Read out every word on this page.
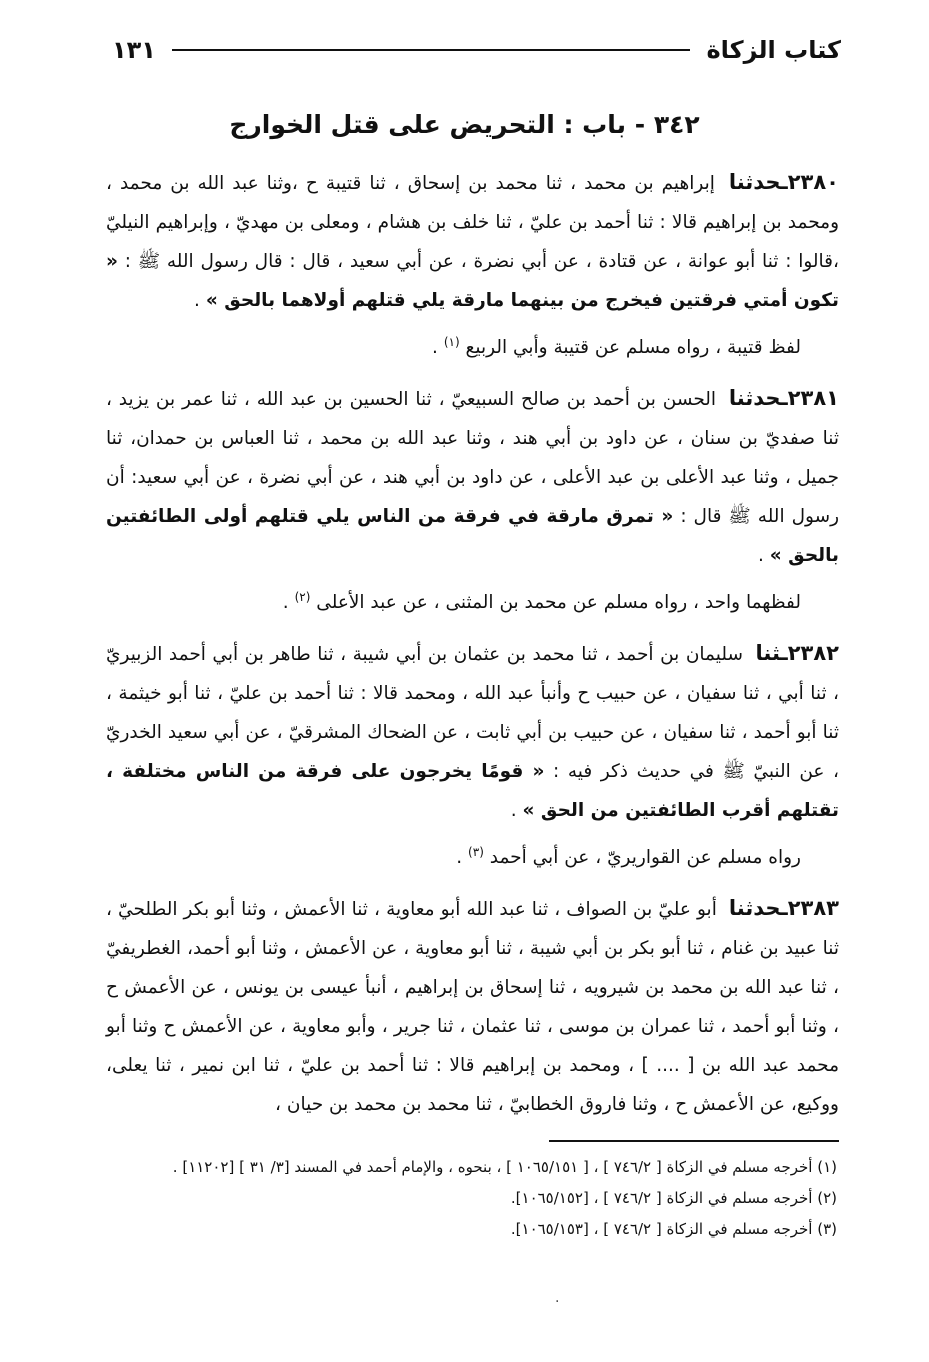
كتاب الزكاة
١٣١
٣٤٢ - باب : التحريض على قتل الخوارج

٢٣٨٠ـحدثنا إبراهيم بن محمد ، ثنا محمد بن إسحاق ، ثنا قتيبة ح ،وثنا عبد الله بن محمد ، ومحمد بن إبراهيم قالا : ثنا أحمد بن عليّ ، ثنا خلف بن هشام ، ومعلى بن مهديّ ، وإبراهيم النيليّ ،قالوا : ثنا أبو عوانة ، عن قتادة ، عن أبي نضرة ، عن أبي سعيد ، قال : قال رسول الله ﷺ : « تكون أمتي فرقتين فيخرج من بينهما مارقة يلي قتلهم أولاهما بالحق » .

لفظ قتيبة ، رواه مسلم عن قتيبة وأبي الربيع $^{(١)}$ .

٢٣٨١ـحدثنا الحسن بن أحمد بن صالح السبيعيّ ، ثنا الحسين بن عبد الله ، ثنا عمر بن يزيد ، ثنا صفديّ بن سنان ، عن داود بن أبي هند ، وثنا عبد الله بن محمد ، ثنا العباس بن حمدان، ثنا جميل ، وثنا عبد الأعلى بن عبد الأعلى ، عن داود بن أبي هند ، عن أبي نضرة ، عن أبي سعيد: أن رسول الله ﷺ قال : « تمرق مارقة في فرقة من الناس يلي قتلهم أولى الطائفتين بالحق » .

لفظهما واحد ، رواه مسلم عن محمد بن المثنى ، عن عبد الأعلى $^{(٢)}$ .

٢٣٨٢ـثنا سليمان بن أحمد ، ثنا محمد بن عثمان بن أبي شيبة ، ثنا طاهر بن أبي أحمد الزبيريّ ، ثنا أبي ، ثنا سفيان ، عن حبيب ح وأنبأ عبد الله ، ومحمد قالا : ثنا أحمد بن عليّ ، ثنا أبو خيثمة ، ثنا أبو أحمد ، ثنا سفيان ، عن حبيب بن أبي ثابت ، عن الضحاك المشرقيّ ، عن أبي سعيد الخدريّ ، عن النبيّ ﷺ في حديث ذكر فيه : « قومًا يخرجون على فرقة من الناس مختلفة ، تقتلهم أقرب الطائفتين من الحق » .

رواه مسلم عن القواريريّ ، عن أبي أحمد $^{(٣)}$ .

٢٣٨٣ـحدثنا أبو عليّ بن الصواف ، ثنا عبد الله أبو معاوية ، ثنا الأعمش ، وثنا أبو بكر الطلحيّ ، ثنا عبيد بن غنام ، ثنا أبو بكر بن أبي شيبة ، ثنا أبو معاوية ، عن الأعمش ، وثنا أبو أحمد، الغطريفيّ ، ثنا عبد الله بن محمد بن شيرويه ، ثنا إسحاق بن إبراهيم ، أنبأ عيسى بن يونس ، عن الأعمش ح ، وثنا أبو أحمد ، ثنا عمران بن موسى ، ثنا عثمان ، ثنا جرير ، وأبو معاوية ، عن الأعمش ح وثنا أبو محمد عبد الله بن [ .... ] ، ومحمد بن إبراهيم قالا : ثنا أحمد بن عليّ ، ثنا ابن نمير ، ثنا يعلى، ووكيع، عن الأعمش ح ، وثنا فاروق الخطابيّ ، ثنا محمد بن محمد بن حيان ،

(١) أخرجه مسلم في الزكاة [ ٧٤٦/٢ ] ، [ ١٠٦٥/١٥١ ] ، بنحوه ، والإمام أحمد في المسند [٣/ ٣١ ] [١١٢٠٢] .

(٢) أخرجه مسلم في الزكاة [ ٧٤٦/٢ ] ، [١٠٦٥/١٥٢].

(٣) أخرجه مسلم في الزكاة [ ٧٤٦/٢ ] ، [١٠٦٥/١٥٣].

.
